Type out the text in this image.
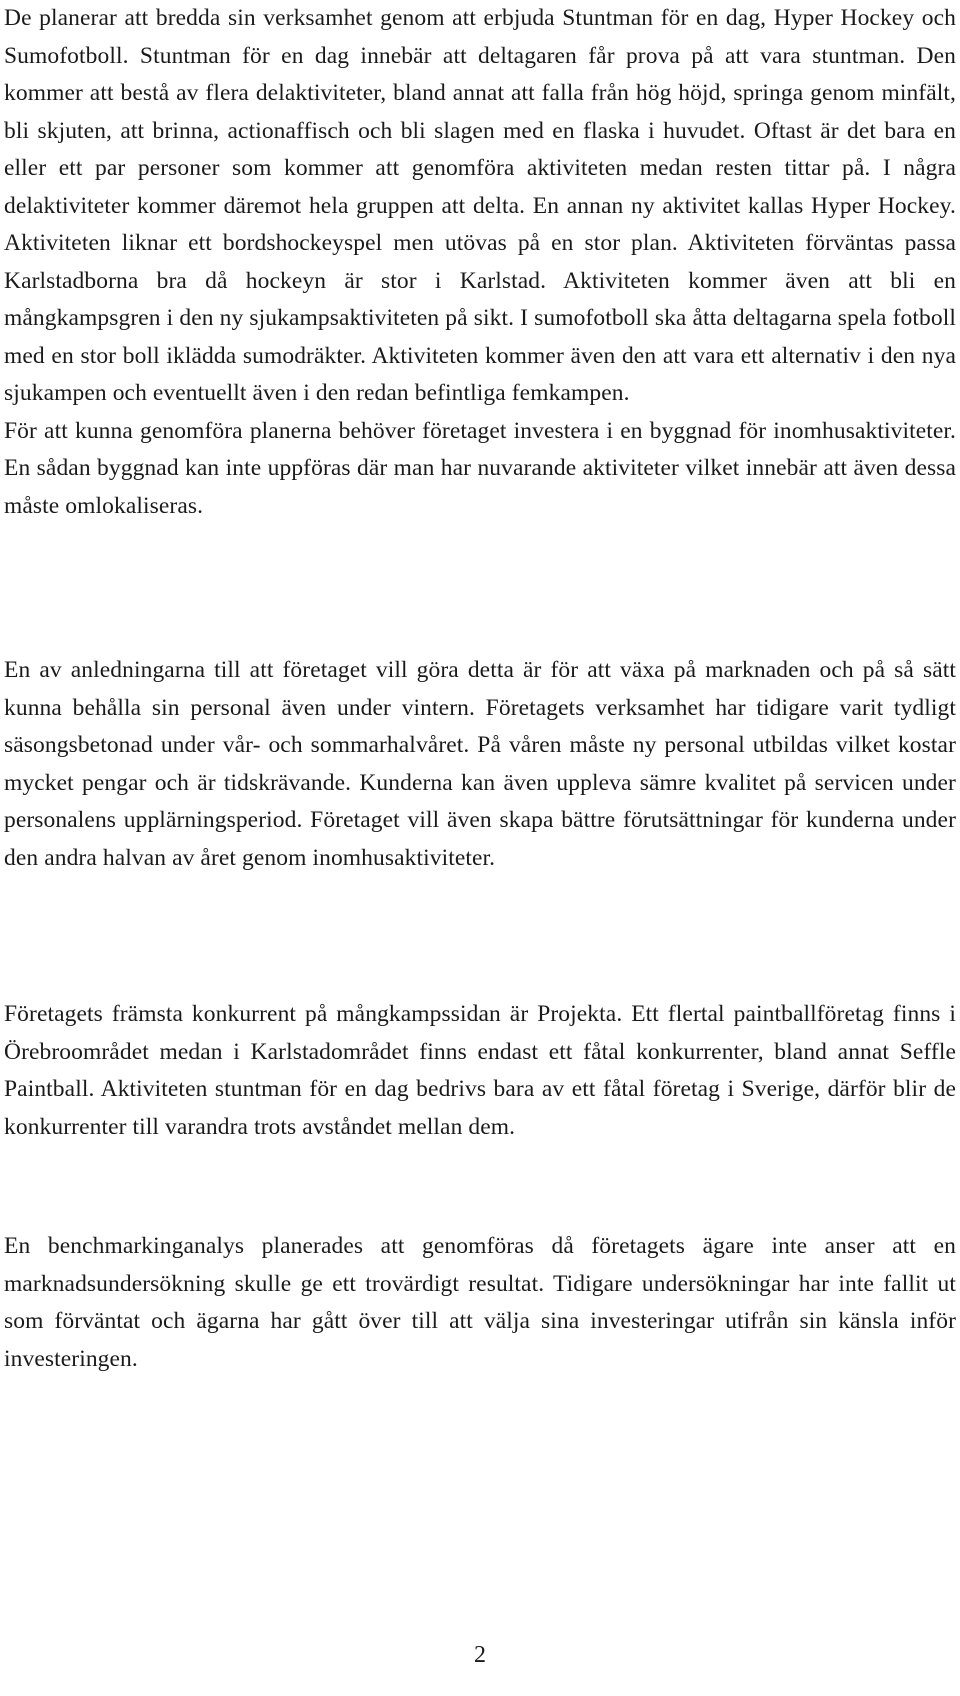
De planerar att bredda sin verksamhet genom att erbjuda Stuntman för en dag, Hyper Hockey och Sumofotboll. Stuntman för en dag innebär att deltagaren får prova på att vara stuntman. Den kommer att bestå av flera delaktiviteter, bland annat att falla från hög höjd, springa genom minfält, bli skjuten, att brinna, actionaffisch och bli slagen med en flaska i huvudet. Oftast är det bara en eller ett par personer som kommer att genomföra aktiviteten medan resten tittar på. I några delaktiviteter kommer däremot hela gruppen att delta. En annan ny aktivitet kallas Hyper Hockey. Aktiviteten liknar ett bordshockeyspel men utövas på en stor plan. Aktiviteten förväntas passa Karlstadborna bra då hockeyn är stor i Karlstad. Aktiviteten kommer även att bli en mångkampsgren i den ny sjukampsaktiviteten på sikt. I sumofotboll ska åtta deltagarna spela fotboll med en stor boll iklädda sumodräkter. Aktiviteten kommer även den att vara ett alternativ i den nya sjukampen och eventuellt även i den redan befintliga femkampen.

För att kunna genomföra planerna behöver företaget investera i en byggnad för inomhusaktiviteter. En sådan byggnad kan inte uppföras där man har nuvarande aktiviteter vilket innebär att även dessa måste omlokaliseras.

En av anledningarna till att företaget vill göra detta är för att växa på marknaden och på så sätt kunna behålla sin personal även under vintern. Företagets verksamhet har tidigare varit tydligt säsongsbetonad under vår- och sommarhalvåret. På våren måste ny personal utbildas vilket kostar mycket pengar och är tidskrävande. Kunderna kan även uppleva sämre kvalitet på servicen under personalens upplärningsperiod. Företaget vill även skapa bättre förutsättningar för kunderna under den andra halvan av året genom inomhusaktiviteter.

Företagets främsta konkurrent på mångkampssidan är Projekta. Ett flertal paintballföretag finns i Örebroområdet medan i Karlstadområdet finns endast ett fåtal konkurrenter, bland annat Seffle Paintball. Aktiviteten stuntman för en dag bedrivs bara av ett fåtal företag i Sverige, därför blir de konkurrenter till varandra trots avståndet mellan dem.

En benchmarkinganalys planerades att genomföras då företagets ägare inte anser att en marknadsundersökning skulle ge ett trovärdigt resultat. Tidigare undersökningar har inte fallit ut som förväntat och ägarna har gått över till att välja sina investeringar utifrån sin känsla inför investeringen.

2
